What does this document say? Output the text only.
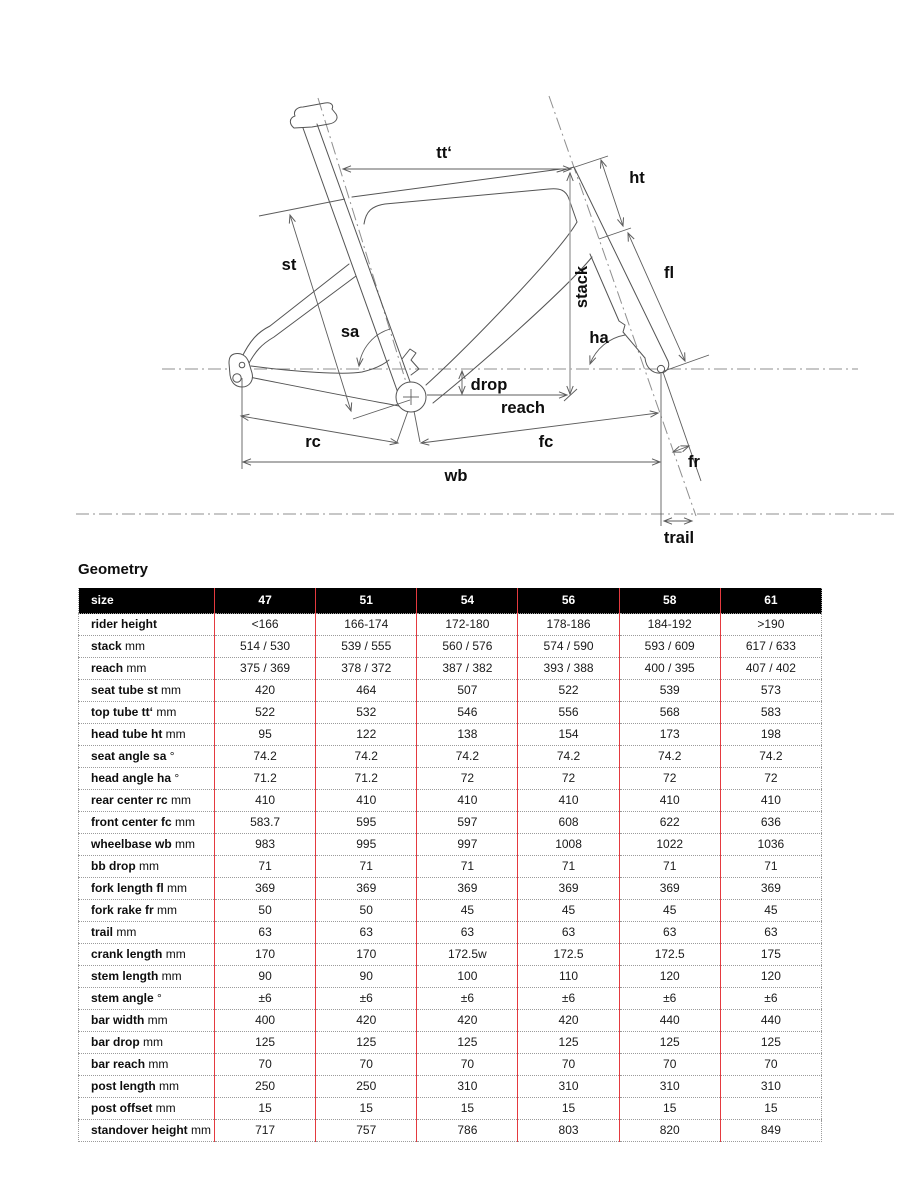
tt‘
ht
st	fl
stack
sa	ha
drop
reach
rc	fc
wb
fr
trail
Geometry
size	47	51	54	56	58	61
rider height	<166	166-174	172-180	178-186	184-192	>190
stack mm	514 / 530	539 / 555	560 / 576	574 / 590	593 / 609	617 / 633
reach mm	375 / 369	378 / 372	387 / 382	393 / 388	400 / 395	407 / 402
seat tube st mm	420	464	507	522	539	573
top tube tt‘ mm	522	532	546	556	568	583
head tube ht mm	95	122	138	154	173	198
seat angle sa °	74.2	74.2	74.2	74.2	74.2	74.2
head angle ha °	71.2	71.2	72	72	72	72
rear center rc mm	410	410	410	410	410	410
front center fc mm	583.7	595	597	608	622	636
wheelbase wb mm	983	995	997	1008	1022	1036
bb drop mm	71	71	71	71	71	71
fork length fl mm	369	369	369	369	369	369
fork rake fr mm	50	50	45	45	45	45
trail mm	63	63	63	63	63	63
crank length mm	170	170	172.5w	172.5	172.5	175
stem length mm	90	90	100	110	120	120
stem angle °	±6	±6	±6	±6	±6	±6
bar width mm	400	420	420	420	440	440
bar drop mm	125	125	125	125	125	125
bar reach mm	70	70	70	70	70	70
post length mm	250	250	310	310	310	310
post offset mm	15	15	15	15	15	15
standover height mm	717	757	786	803	820	849
